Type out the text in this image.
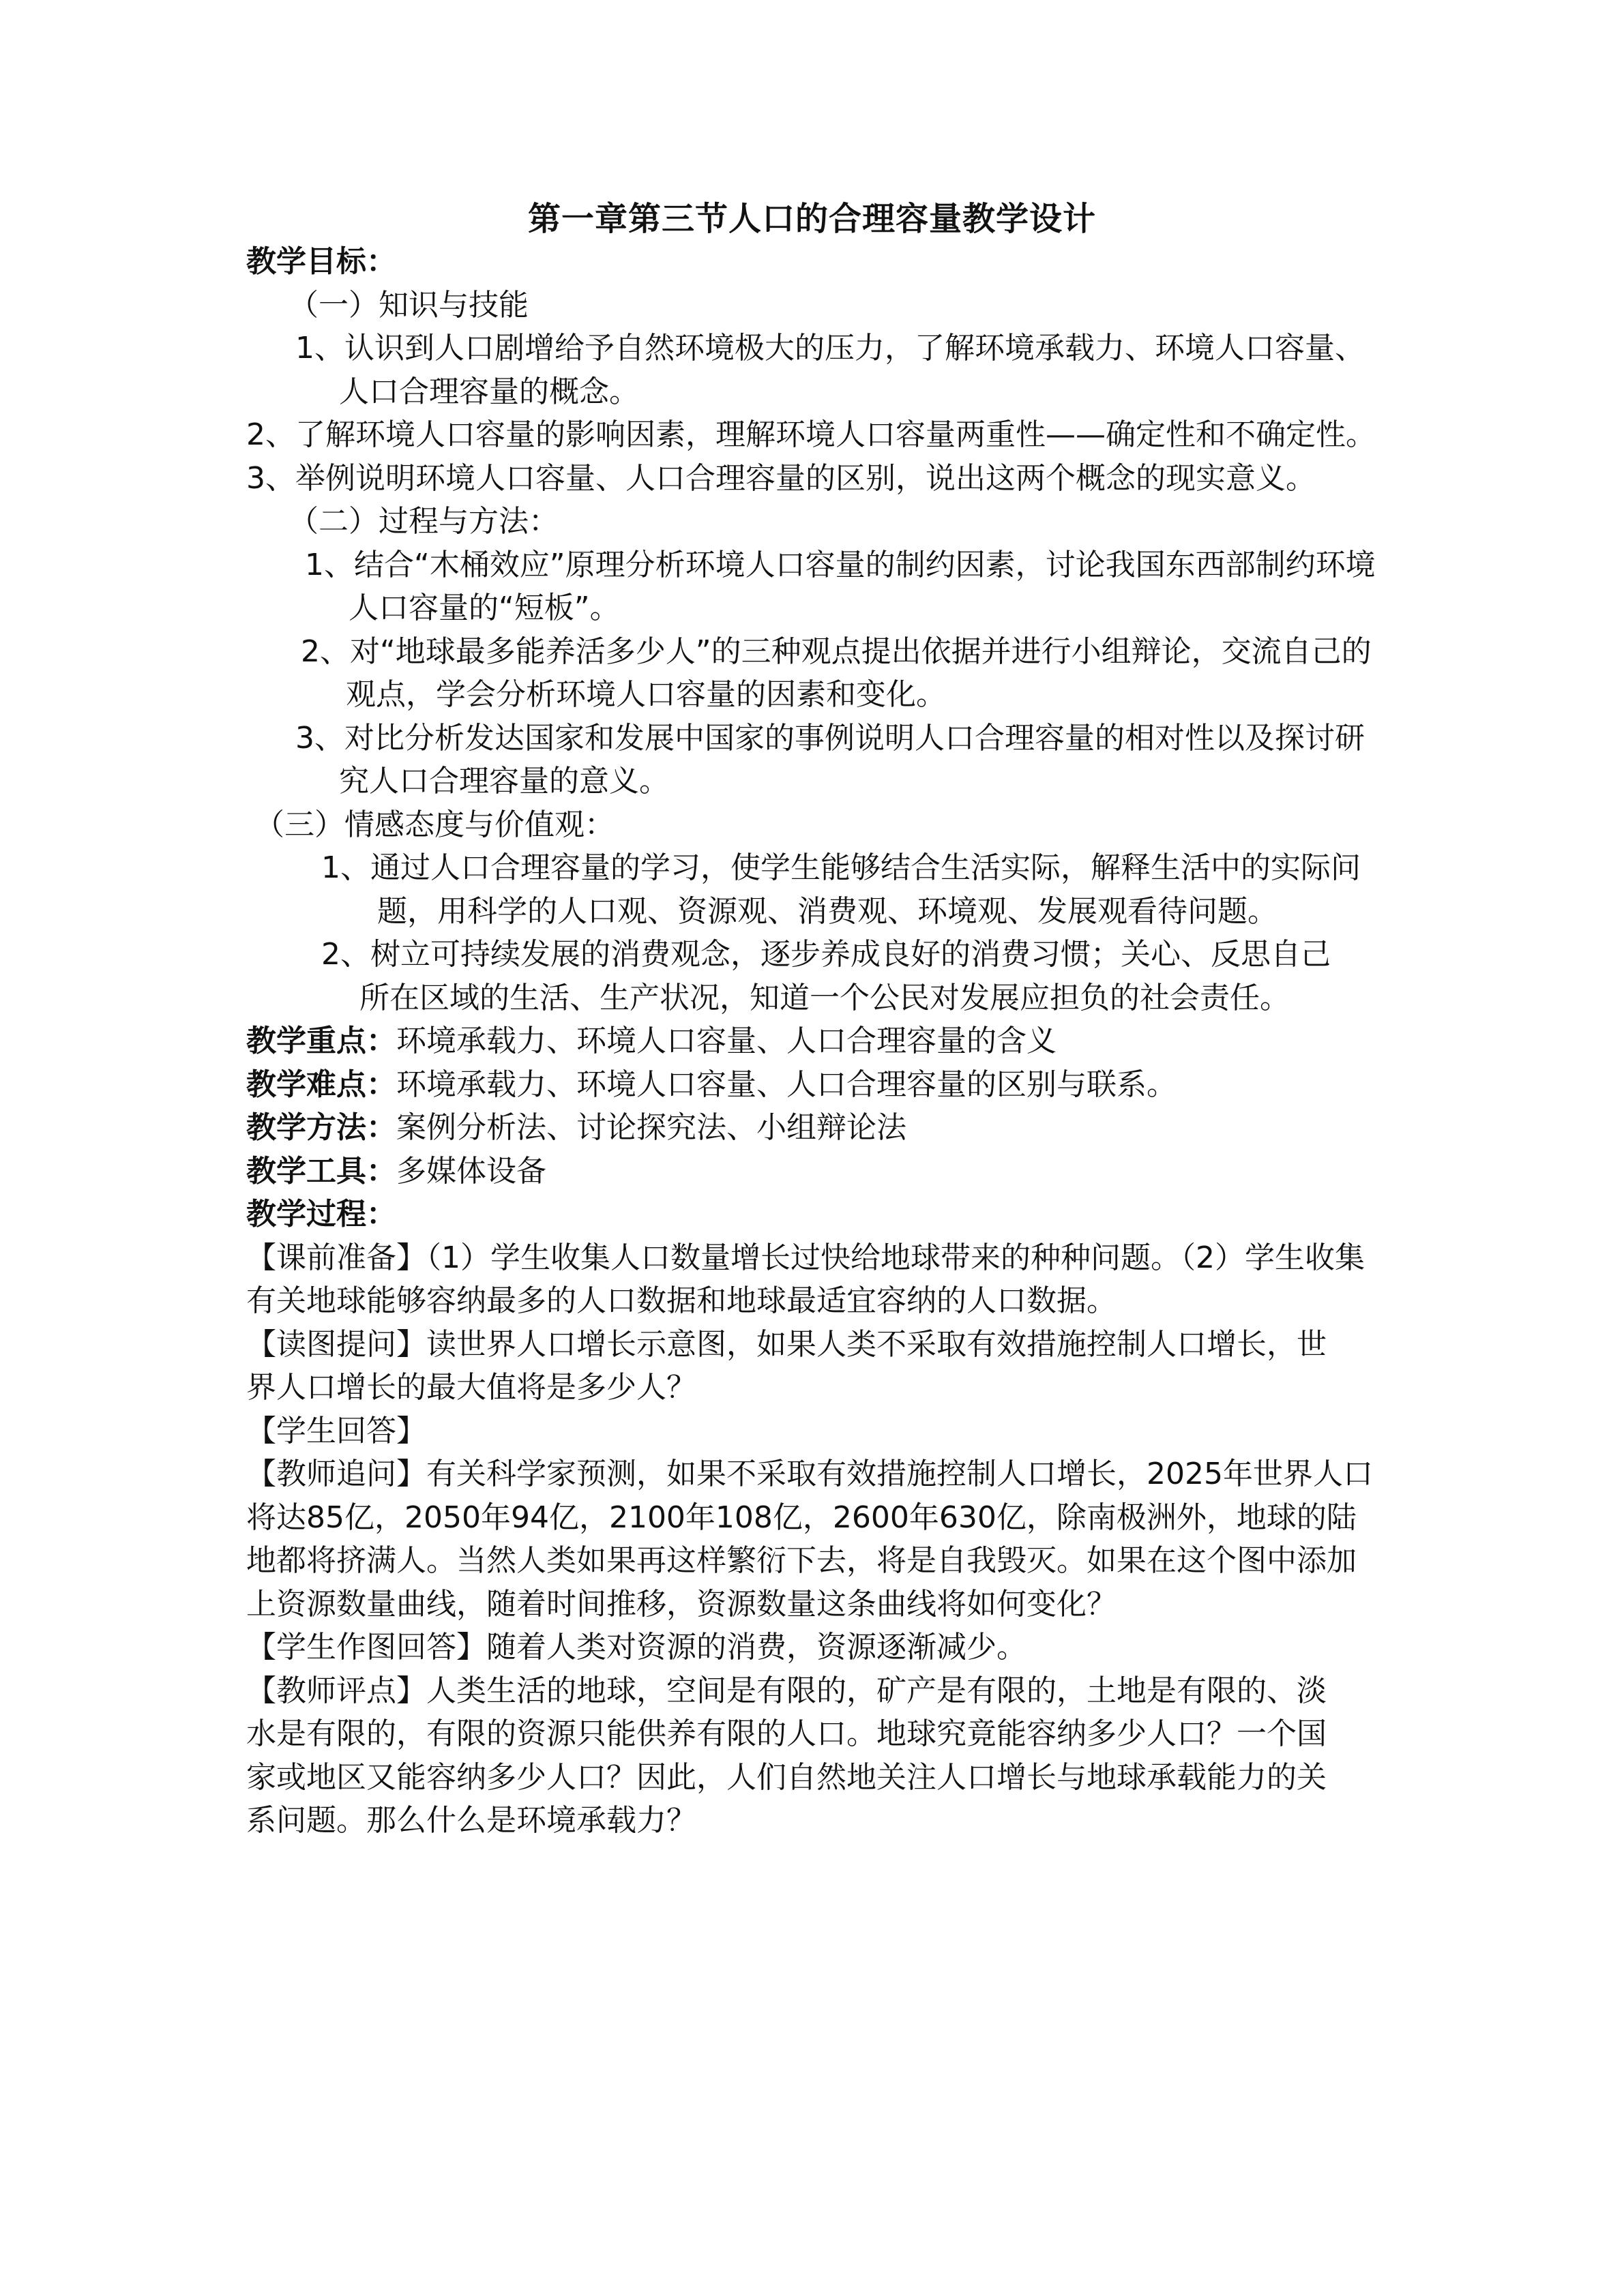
第一章第三节人口的合理容量教学设计

教学目标：

（一）知识与技能

1、认识到人口剧增给予自然环境极大的压力，了解环境承载力、环境人口容量、人口合理容量的概念。

2、了解环境人口容量的影响因素，理解环境人口容量两重性——确定性和不确定性。

3、举例说明环境人口容量、人口合理容量的区别，说出这两个概念的现实意义。

（二）过程与方法：

1、结合“木桶效应”原理分析环境人口容量的制约因素，讨论我国东西部制约环境人口容量的“短板”。

2、对“地球最多能养活多少人”的三种观点提出依据并进行小组辩论，交流自己的观点，学会分析环境人口容量的因素和变化。

3、对比分析发达国家和发展中国家的事例说明人口合理容量的相对性以及探讨研究人口合理容量的意义。

（三）情感态度与价值观：

1、通过人口合理容量的学习，使学生能够结合生活实际，解释生活中的实际问题，用科学的人口观、资源观、消费观、环境观、发展观看待问题。

2、树立可持续发展的消费观念，逐步养成良好的消费习惯；关心、反思自己所在区域的生活、生产状况，知道一个公民对发展应担负的社会责任。

教学重点：环境承载力、环境人口容量、人口合理容量的含义

教学难点：环境承载力、环境人口容量、人口合理容量的区别与联系。

教学方法：案例分析法、讨论探究法、小组辩论法

教学工具：多媒体设备

教学过程：

【课前准备】（1）学生收集人口数量增长过快给地球带来的种种问题。（2）学生收集有关地球能够容纳最多的人口数据和地球最适宜容纳的人口数据。

【读图提问】读世界人口增长示意图，如果人类不采取有效措施控制人口增长，世界人口增长的最大值将是多少人？

【学生回答】

【教师追问】有关科学家预测，如果不采取有效措施控制人口增长，2025年世界人口将达85亿，2050年94亿，2100年108亿，2600年630亿，除南极洲外，地球的陆地都将挤满人。当然人类如果再这样繁衍下去，将是自我毁灭。如果在这个图中添加上资源数量曲线，随着时间推移，资源数量这条曲线将如何变化？

【学生作图回答】随着人类对资源的消费，资源逐渐减少。

【教师评点】人类生活的地球，空间是有限的，矿产是有限的，土地是有限的、淡水是有限的，有限的资源只能供养有限的人口。地球究竟能容纳多少人口？一个国家或地区又能容纳多少人口？因此，人们自然地关注人口增长与地球承载能力的关系问题。那么什么是环境承载力？
